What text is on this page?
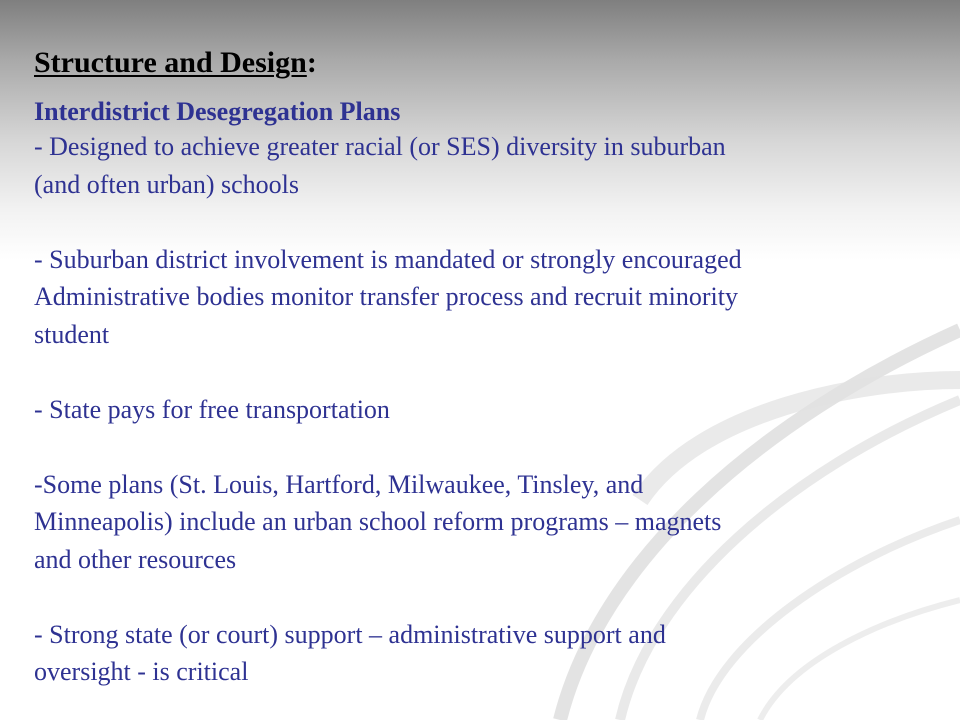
Structure and Design:

Interdistrict Desegregation Plans

- Designed to achieve greater racial (or SES) diversity in suburban

(and often urban) schools

- Suburban district involvement is mandated or strongly encouraged

Administrative bodies monitor transfer process and recruit minority

student

- State pays for free transportation

-Some plans (St. Louis, Hartford, Milwaukee, Tinsley, and

Minneapolis) include an urban school reform programs – magnets

and other resources

- Strong state (or court) support – administrative support and

oversight - is critical
